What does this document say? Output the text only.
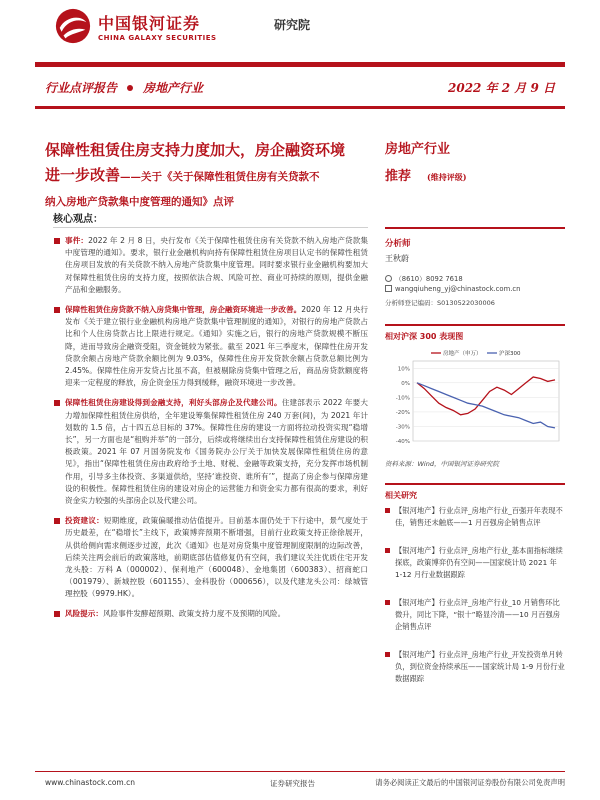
中国银河证券
CHINA GALAXY SECURITIES
研究院
行业点评报告 房地产行业	2022 年 2 月 9 日
保障性租赁住房支持力度加大，房企融资环境
进一步改善——关于《关于保障性租赁住房有关贷款不
纳入房地产贷款集中度管理的通知》点评
核心观点：
事件：2022 年 2 月 8 日，央行发布《关于保障性租赁住房有关贷款不纳入房地产贷款集中度管理的通知》。要求，银行业金融机构向持有保障性租赁住房项目认定书的保障性租赁住房项目发放的有关贷款不纳入房地产贷款集中度管理。同时要求银行业金融机构要加大对保障性租赁住房的支持力度，按照依法合规、风险可控、商业可持续的原则，提供金融产品和金融服务。
保障性租赁住房贷款不纳入房贷集中管理，房企融资环境进一步改善。2020 年 12 月央行发布《关于建立银行业金融机构房地产贷款集中管理制度的通知》，对银行的房地产贷款占比和个人住房贷款占比上限进行规定。《通知》实施之后，银行的房地产贷款规模不断压降，进而导致房企融资受阻，资金链较为紧张。截至 2021 年三季度末，保障性住房开发贷款余额占房地产贷款余额比例为 9.03%，保障性住房开发贷款余额占贷款总额比例为 2.45%。保障性住房开发贷占比虽不高，但被剔除房贷集中管理之后，商品房贷款额度将迎来一定程度的释放，房企资金压力得到缓释，融资环境进一步改善。
保障性租赁住房建设得到金融支持，利好头部房企及代建公司。住建部表示 2022 年要大力增加保障性租赁住房供给，全年建设筹集保障性租赁住房 240 万套(间)，为 2021 年计划数的 1.5 倍，占十四五总目标的 37%。保障性住房的建设一方面将拉动投资实现“稳增长”，另一方面也是“租购并举”的一部分，后续或将继续出台支持保障性租赁住房建设的积极政策。2021 年 07 月国务院发布《国务院办公厅关于加快发展保障性租赁住房的意见》，指出“保障性租赁住房由政府给予土地、财税、金融等政策支持，充分发挥市场机制作用，引导多主体投资、多渠道供给，坚持‘谁投资、谁所有’”，提高了房企参与保障房建设的积极性。保障性租赁住房的建设对房企的运营能力和资金实力都有很高的要求，利好资金实力较强的头部房企以及代建公司。
投资建议：短期维度，政策偏暖推动估值提升。目前基本面仍处于下行途中，景气度处于历史最差，在“稳增长”主线下，政策博弈预期不断增强，目前行业政策支持正徐徐展开，从供给侧向需求侧逐步过渡，此次《通知》也是对房贷集中度管理制度限制的边际改善，后续关注两会前后的政策落地，前期底部估值修复仍有空间，我们建议关注优质住宅开发龙头股：万科 A（000002）、保利地产（600048）、金地集团（600383）、招商蛇口（001979）、新城控股（601155）、金科股份（000656），以及代建龙头公司：绿城管理控股（9979.HK）。
风险提示：风险事件发酵超预期、政策支持力度不及预期的风险。
房地产行业
推荐 (维持评级)
分析师
王秋蔚
（8610）8092 7618
wangqiuheng_yj@chinastock.com.cn
分析师登记编码：S0130522030006
相对沪深 300 表现图
10%
0%
-10%
-20%
-30%
-40%
房地产（申万）	沪深300
资料来源：Wind，中国银河证券研究院
相关研究
【银河地产】行业点评_房地产行业_百强开年表现不佳，销售还未触底——1 月百强房企销售点评
【银河地产】行业点评_房地产行业_基本面指标继续探底，政策博弈仍有空间——国家统计局 2021 年 1-12 月行业数据跟踪
【银河地产】行业点评_房地产行业_10 月销售环比微升，同比下降，“银十”略显冷清——10 月百强房企销售点评
【银河地产】行业点评_房地产行业_开发投资单月转负，到位资金持续承压——国家统计局 1-9 月份行业数据跟踪
www.chinastock.com.cn	证券研究报告	请务必阅读正文最后的中国银河证券股份有限公司免责声明
